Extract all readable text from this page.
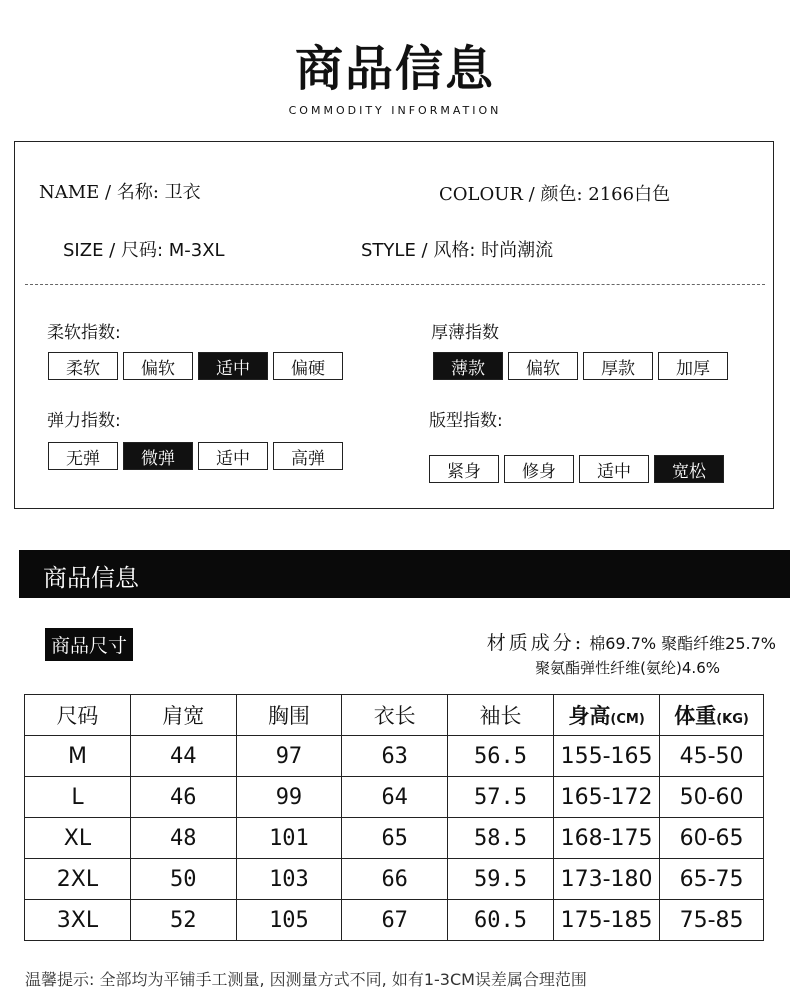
商品信息
COMMODITY INFORMATION
NAME / 名称: 卫衣	COLOUR / 颜色: 2166白色
SIZE / 尺码: M-3XL	STYLE / 风格: 时尚潮流
柔软指数:
柔软	偏软	适中	偏硬
厚薄指数
薄款	偏软	厚款	加厚
弹力指数:
无弹	微弹	适中	高弹
版型指数:
紧身	修身	适中	宽松
商品信息
商品尺寸	材质成分: 棉69.7% 聚酯纤维25.7%
聚氨酯弹性纤维(氨纶)4.6%
尺码	肩宽	胸围	衣长	袖长	身高(CM)	体重(KG)
M	44	97	63	56.5	155-165	45-50
L	46	99	64	57.5	165-172	50-60
XL	48	101	65	58.5	168-175	60-65
2XL	50	103	66	59.5	173-180	65-75
3XL	52	105	67	60.5	175-185	75-85
温馨提示: 全部均为平铺手工测量, 因测量方式不同, 如有1-3CM误差属合理范围
